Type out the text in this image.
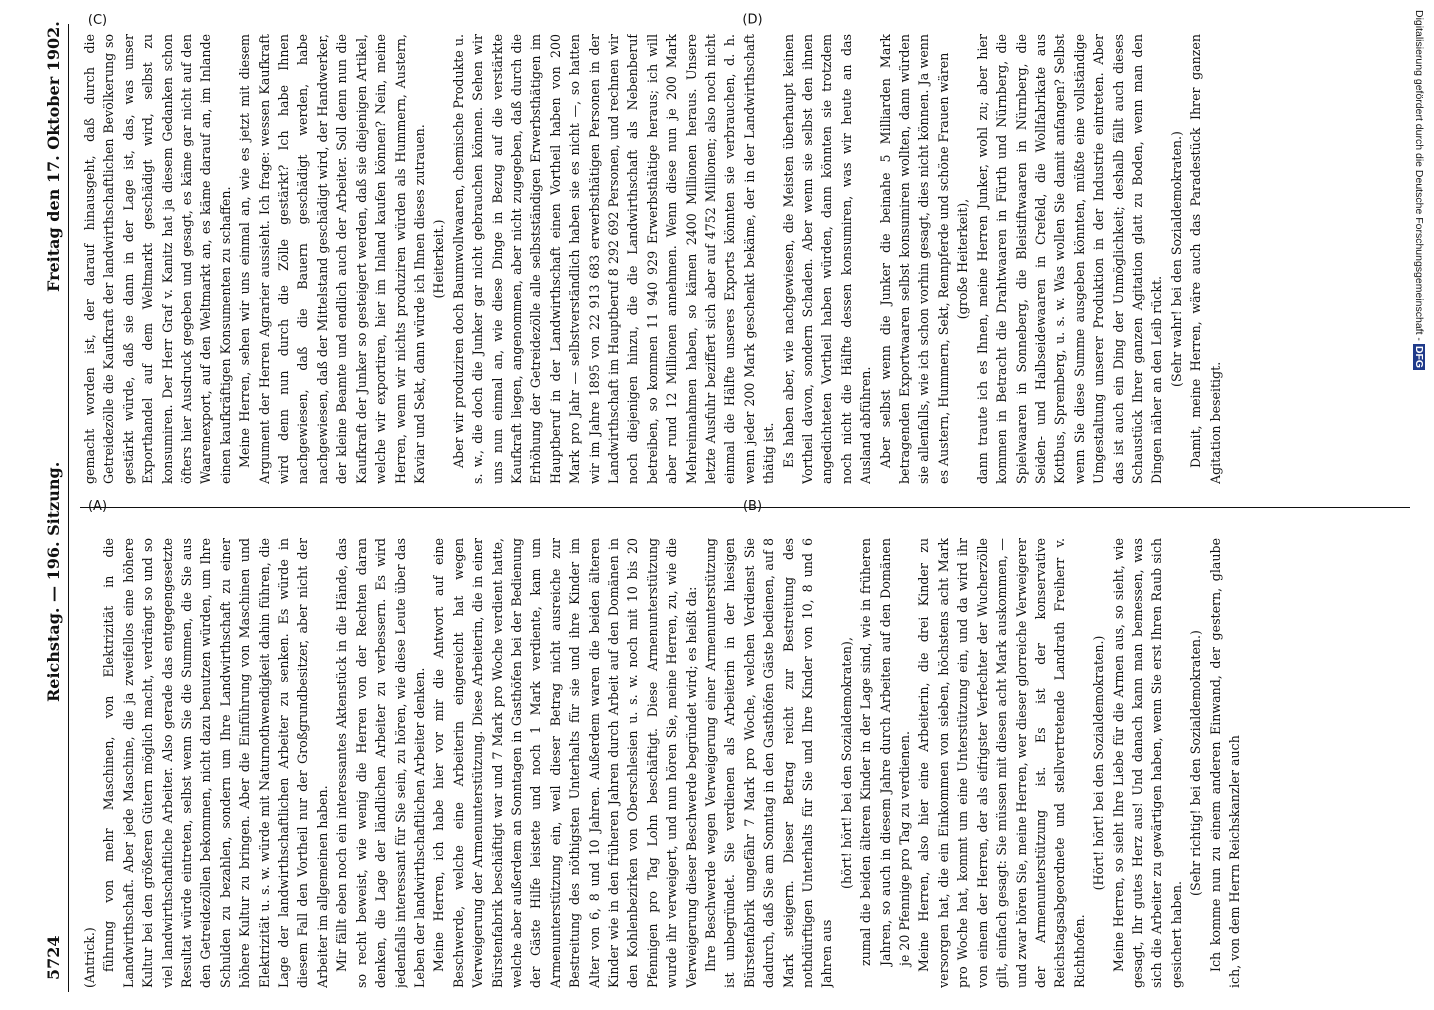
5724
Reichstag. — 196. Sitzung.
Freitag den 17. Oktober 1902.
(A)	(B)
(C)	(D)

(Antrick.) führung von mehr Maschinen, von Elektrizität in die Landwirthschaft. Aber jede Maschine, die ja zweifellos eine höhere Kultur bei den größeren Gütern möglich macht, verdrängt so und so viel landwirthschaftliche Arbeiter. Also gerade das entgegengesetzte Resultat würde eintreten, selbst wenn Sie die Summen, die Sie aus den Getreidezöllen bekommen, nicht dazu benutzen würden, um Ihre Schulden zu bezahlen, sondern um Ihre Landwirthschaft zu einer höhere Kultur zu bringen. Aber die Einführung von Maschinen und Elektrizität u. s. w. würde mit Naturnothwendigkeit dahin führen, die Lage der landwirthschaftlichen Arbeiter zu senken. Es würde in diesem Fall den Vortheil nur der Großgrundbesitzer, aber nicht der Arbeiter im allgemeinen haben. Mir fällt eben noch ein interessantes Aktenstück in die Hände, das so recht beweist, wie wenig die Herren von der Rechten daran denken, die Lage der ländlichen Arbeiter zu verbessern. Es wird jedenfalls interessant für Sie sein, zu hören, wie diese Leute über das Leben der landwirthschaftlichen Arbeiter denken. Meine Herren, ich habe hier vor mir die Antwort auf eine Beschwerde, welche eine Arbeiterin eingereicht hat wegen Verweigerung der Armenunterstützung. Diese Arbeiterin, die in einer Bürstenfabrik beschäftigt war und 7 Mark pro Woche verdient hatte, welche aber außerdem an Sonntagen in Gasthöfen bei der Bedienung der Gäste Hilfe leistete und noch 1 Mark verdiente, kam um Armenunterstützung ein, weil dieser Betrag nicht ausreiche zur Bestreitung des nöthigsten Unterhalts für sie und ihre Kinder im Alter von 6, 8 und 10 Jahren. Außerdem waren die beiden älteren Kinder wie in den früheren Jahren durch Arbeit auf den Domänen in den Kohlenbezirken von Oberschlesien u. s. w. noch mit 10 bis 20 Pfennigen pro Tag Lohn beschäftigt. Diese Armenunterstützung wurde ihr verweigert, und nun hören Sie, meine Herren, zu, wie die Verweigerung dieser Beschwerde begründet wird; es heißt da: Ihre Beschwerde wegen Verweigerung einer Armenunterstützung ist unbegründet. Sie verdienen als Arbeiterin in der hiesigen Bürstenfabrik ungefähr 7 Mark pro Woche, welchen Verdienst Sie dadurch, daß Sie am Sonntag in den Gasthöfen Gäste bedienen, auf 8 Mark steigern. Dieser Betrag reicht zur Bestreitung des nothdürftigen Unterhalts für Sie und Ihre Kinder von 10, 8 und 6 Jahren aus

(hört! hört! bei den Sozialdemokraten), zumal die beiden älteren Kinder in der Lage sind, wie in früheren Jahren, so auch in diesem Jahre durch Arbeiten auf den Domänen je 20 Pfennige pro Tag zu verdienen. Meine Herren, also hier eine Arbeiterin, die drei Kinder zu versorgen hat, die ein Einkommen von sieben, höchstens acht Mark pro Woche hat, kommt um eine Unterstützung ein, und da wird ihr von einem der Herren, der als eifrigster Verfechter der Wucherzölle gilt, einfach gesagt: Sie müssen mit diesen acht Mark auskommen, — und zwar hören Sie, meine Herren, wer dieser glorreiche Verweigerer der Armenunterstützung ist. Es ist der konservative Reichstagsabgeordnete und stellvertretende Landrath Freiherr v. Richthofen.

(Hört! hört! bei den Sozialdemokraten.) Meine Herren, so sieht Ihre Liebe für die Armen aus, so sieht, wie gesagt, Ihr gutes Herz aus! Und danach kann man bemessen, was sich die Arbeiter zu gewärtigen haben, wenn Sie erst Ihren Raub sich gesichert haben.

(Sehr richtig! bei den Sozialdemokraten.) Ich komme nun zu einem anderen Einwand, der gestern, glaube ich, von dem Herrn Reichskanzler auch

gemacht worden ist, der darauf hinausgeht, daß durch die Getreidezölle die Kaufkraft der landwirthschaftlichen Bevölkerung so gestärkt würde, daß sie dann in der Lage ist, das, was unser Exporthandel auf dem Weltmarkt geschädigt wird, selbst zu konsumiren. Der Herr Graf v. Kanitz hat ja diesem Gedanken schon öfters hier Ausdruck gegeben und gesagt, es käme gar nicht auf den Waarenexport, auf den Weltmarkt an, es käme darauf an, im Inlande einen kaufkräftigen Konsumenten zu schaffen. Meine Herren, sehen wir uns einmal an, wie es jetzt mit diesem Argument der Herren Agrarier aussieht. Ich frage: wessen Kaufkraft wird denn nun durch die Zölle gestärkt? Ich habe Ihnen nachgewiesen, daß die Bauern geschädigt werden, habe nachgewiesen, daß der Mittelstand geschädigt wird, der Handwerker, der kleine Beamte und endlich auch der Arbeiter. Soll denn nun die Kaufkraft der Junker so gesteigert werden, daß sie diejenigen Artikel, welche wir exportiren, hier im Inland kaufen können? Nein, meine Herren, wenn wir nichts produziren würden als Hummern, Austern, Kaviar und Sekt, dann würde ich Ihnen dieses zutrauen. (Heiterkeit.) Aber wir produziren doch Baumwollwaaren, chemische Produkte u. s. w., die doch die Junker gar nicht gebrauchen können. Sehen wir uns nun einmal an, wie diese Dinge in Bezug auf die verstärkte Kaufkraft liegen, angenommen, aber nicht zugegeben, daß durch die Erhöhung der Getreidezölle alle selbstständigen Erwerbsthätigen im Hauptberuf in der Landwirthschaft einen Vortheil haben von 200 Mark pro Jahr — selbstverständlich haben sie es nicht —, so hatten wir im Jahre 1895 von 22 913 683 erwerbsthätigen Personen in der Landwirthschaft im Hauptberuf 8 292 692 Personen, und rechnen wir noch diejenigen hinzu, die die Landwirthschaft als Nebenberuf betreiben, so kommen 11 940 929 Erwerbsthätige heraus; ich will aber rund 12 Millionen annehmen. Wenn diese nun je 200 Mark Mehreinnahmen haben, so kämen 2400 Millionen heraus. Unsere letzte Ausfuhr beziffert sich aber auf 4752 Millionen; also noch nicht einmal die Hälfte unseres Exports könnten sie verbrauchen, d. h. wenn jeder 200 Mark geschenkt bekäme, der in der Landwirthschaft thätig ist. Es haben aber, wie nachgewiesen, die Meisten überhaupt keinen Vortheil davon, sondern Schaden. Aber wenn sie selbst den ihnen angedichteten Vortheil haben würden, dann könnten sie trotzdem noch nicht die Hälfte dessen konsumiren, was wir heute an das Ausland abführen. Aber selbst wenn die Junker die beinahe 5 Milliarden Mark betragenden Exportwaaren selbst konsumiren wollten, dann würden sie allenfalls, wie ich schon vorhin gesagt, dies nicht können. Ja wenn es Austern, Hummern, Sekt, Rennpferde und schöne Frauen wären (große Heiterkeit), dann traute ich es Ihnen, meine Herren Junker, wohl zu; aber hier kommen in Betracht die Drahtwaaren in Fürth und Nürnberg, die Spielwaaren in Sonneberg, die Bleistiftwaaren in Nürnberg, die Seiden- und Halbseidewaaren in Crefeld, die Wollfabrikate aus Kottbus, Spremberg, u. s. w. Was wollen Sie damit anfangen? Selbst wenn Sie diese Summe ausgeben könnten, müßte eine vollständige Umgestaltung unserer Produktion in der Industrie eintreten. Aber das ist auch ein Ding der Unmöglichkeit; deshalb fällt auch dieses Schaustück Ihrer ganzen Agitation glatt zu Boden, wenn man den Dingen näher an den Leib rückt. (Sehr wahr! bei den Sozialdemokraten.) Damit, meine Herren, wäre auch das Paradestück Ihrer ganzen Agitation beseitigt.

Digitalisierung gefördert durch die Deutsche Forschungsgemeinschaft -DFG
